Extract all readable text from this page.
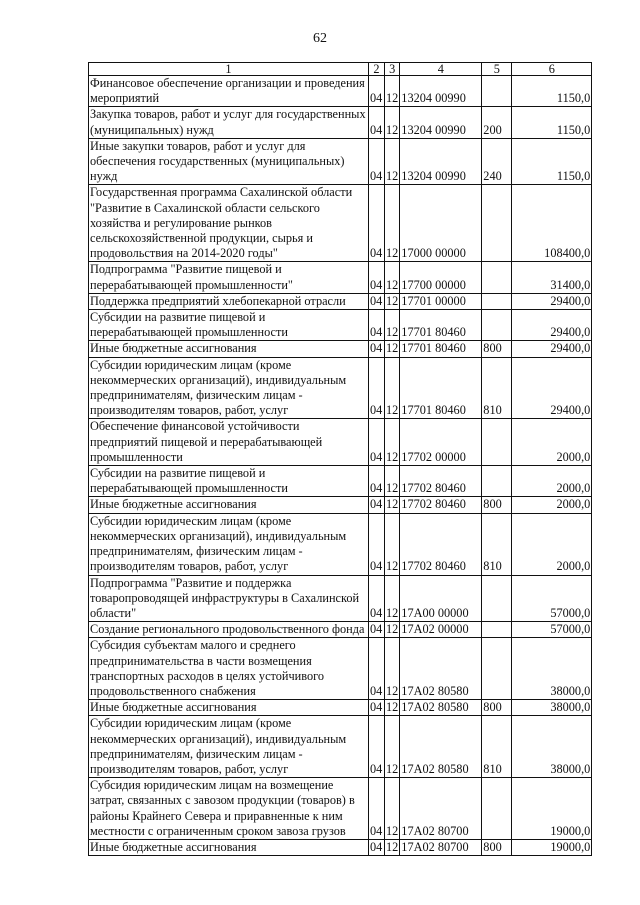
62
1	2	3	4	5	6
Финансовое обеспечение организации и проведения мероприятий	04	12	13204 00990		1150,0
Закупка товаров, работ и услуг для государственных (муниципальных) нужд	04	12	13204 00990	200	1150,0
Иные закупки товаров, работ и услуг для обеспечения государственных (муниципальных) нужд	04	12	13204 00990	240	1150,0
Государственная программа Сахалинской области "Развитие в Сахалинской области сельского хозяйства и регулирование рынков сельскохозяйственной продукции, сырья и продовольствия на 2014-2020 годы"	04	12	17000 00000		108400,0
Подпрограмма "Развитие пищевой и перерабатывающей промышленности"	04	12	17700 00000		31400,0
Поддержка предприятий хлебопекарной отрасли	04	12	17701 00000		29400,0
Субсидии на развитие пищевой и перерабатывающей промышленности	04	12	17701 80460		29400,0
Иные бюджетные ассигнования	04	12	17701 80460	800	29400,0
Субсидии юридическим лицам (кроме некоммерческих организаций), индивидуальным предпринимателям, физическим лицам - производителям товаров, работ, услуг	04	12	17701 80460	810	29400,0
Обеспечение финансовой устойчивости предприятий пищевой и перерабатывающей промышленности	04	12	17702 00000		2000,0
Субсидии на развитие пищевой и перерабатывающей промышленности	04	12	17702 80460		2000,0
Иные бюджетные ассигнования	04	12	17702 80460	800	2000,0
Субсидии юридическим лицам (кроме некоммерческих организаций), индивидуальным предпринимателям, физическим лицам - производителям товаров, работ, услуг	04	12	17702 80460	810	2000,0
Подпрограмма "Развитие и поддержка товаропроводящей инфраструктуры в Сахалинской области"	04	12	17А00 00000		57000,0
Создание регионального продовольственного фонда	04	12	17А02 00000		57000,0
Субсидия субъектам малого и среднего предпринимательства в части возмещения транспортных расходов в целях устойчивого продовольственного снабжения	04	12	17А02 80580		38000,0
Иные бюджетные ассигнования	04	12	17А02 80580	800	38000,0
Субсидии юридическим лицам (кроме некоммерческих организаций), индивидуальным предпринимателям, физическим лицам - производителям товаров, работ, услуг	04	12	17А02 80580	810	38000,0
Субсидия юридическим лицам на возмещение затрат, связанных с завозом продукции (товаров) в районы Крайнего Севера и приравненные к ним местности с ограниченным сроком завоза грузов	04	12	17А02 80700		19000,0
Иные бюджетные ассигнования	04	12	17А02 80700	800	19000,0
